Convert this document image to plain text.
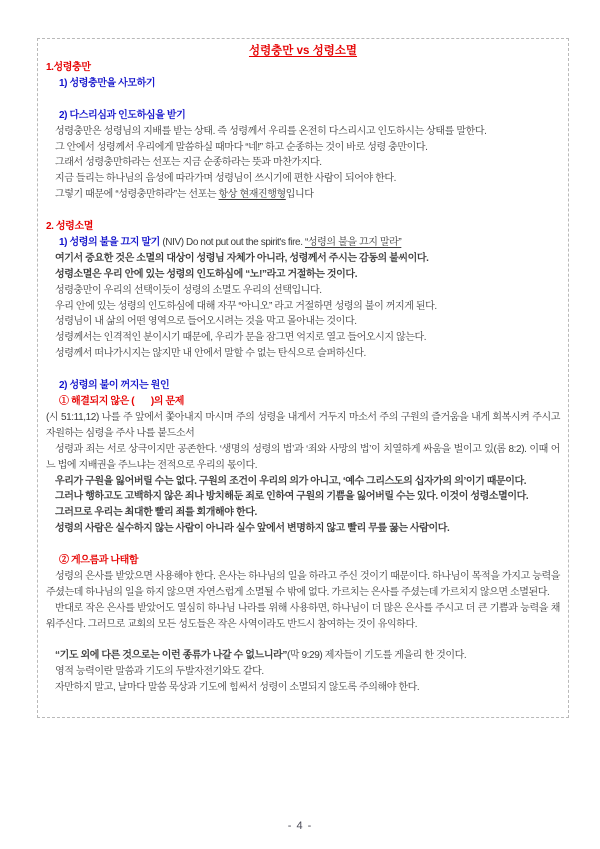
성령충만 vs 성령소멸
1.성령충만
1) 성령충만을 사모하기
2) 다스리심과 인도하심을 받기
성령충만은 성령님의 지배를 받는 상태. 즉 성령께서 우리를 온전히 다스리시고 인도하시는 상태를 말한다.
그 안에서 성령께서 우리에게 말씀하실 때마다 “네!” 하고 순종하는 것이 바로 성령 충만이다.
그래서 성령충만하라는 선포는 지금 순종하라는 뜻과 마찬가지다.
지금 들리는 하나님의 음성에 따라가며 성령님이 쓰시기에 편한 사람이 되어야 한다.
그렇기 때문에 “성령충만하라”는 선포는 항상 현재진행형입니다
2. 성령소멸
1) 성령의 불을 끄지 말기 (NIV) Do not put out the spirit's fire. “성령의 불을 끄지 말라”
여기서 중요한 것은 소멸의 대상이 성령님 자체가 아니라, 성령께서 주시는 감동의 불씨이다.
성령소멸은 우리 안에 있는 성령의 인도하심에 “노!”라고 거절하는 것이다.
성령충만이 우리의 선택이듯이 성령의 소멸도 우리의 선택입니다.
우리 안에 있는 성령의 인도하심에 대해 자꾸 “아니오” 라고 거절하면 성령의 불이 꺼지게 된다.
성령님이 내 삶의 어떤 영역으로 들어오시려는 것을 막고 몰아내는 것이다.
성령께서는 인격적인 분이시기 때문에, 우리가 문을 잠그면 억지로 열고 들어오시지 않는다.
성령께서 떠나가시지는 않지만 내 안에서 말할 수 없는 탄식으로 슬퍼하신다.
2) 성령의 불이 꺼지는 원인
① 해결되지 않은 (       )의 문제
(시 51:11,12) 나를 주 앞에서 쫓아내지 마시며 주의 성령을 내게서 거두지 마소서 주의 구원의 즐거움을 내게 회복시켜 주시고 자원하는 심령을 주사 나를 붙드소서
성령과 죄는 서로 상극이지만 공존한다. ‘생명의 성령의 법’과 ‘죄와 사망의 법’이 치열하게 싸움을 벌이고 있(롬 8:2). 이때 어느 법에 지배권을 주느냐는 전적으로 우리의 몫이다.
우리가 구원을 잃어버릴 수는 없다. 구원의 조건이 우리의 의가 아니고, ‘예수 그리스도의 십자가의 의’이기 때문이다.
그러나 행하고도 고백하지 않은 죄나 방치해둔 죄로 인하여 구원의 기쁨을 잃어버릴 수는 있다. 이것이 성령소멸이다.
그러므로 우리는 최대한 빨리 죄를 회개해야 한다.
성령의 사람은 실수하지 않는 사람이 아니라 실수 앞에서 변명하지 않고 빨리 무릎 꿇는 사람이다.
② 게으름과 나태함
성령의 은사를 받았으면 사용해야 한다. 은사는 하나님의 일을 하라고 주신 것이기 때문이다. 하나님이 목적을 가지고 능력을 주셨는데 하나님의 일을 하지 않으면 자연스럽게 소멸될 수 밖에 없다. 가르치는 은사를 주셨는데 가르치지 않으면 소멸된다.
반대로 작은 은사를 받았어도 열심히 하나님 나라를 위해 사용하면, 하나님이 더 많은 은사를 주시고 더 큰 기쁨과 능력을 채워주신다. 그러므로 교회의 모든 성도들은 작은 사역이라도 반드시 참여하는 것이 유익하다.
“기도 외에 다른 것으로는 이런 종류가 나갈 수 없느니라”(막 9:29) 제자들이 기도를 게을리 한 것이다.
영적 능력이란 말씀과 기도의 두발자전기와도 같다.
자만하지 말고, 날마다 말씀 묵상과 기도에 힘써서 성령이 소멸되지 않도록 주의해야 한다.
- 4 -
